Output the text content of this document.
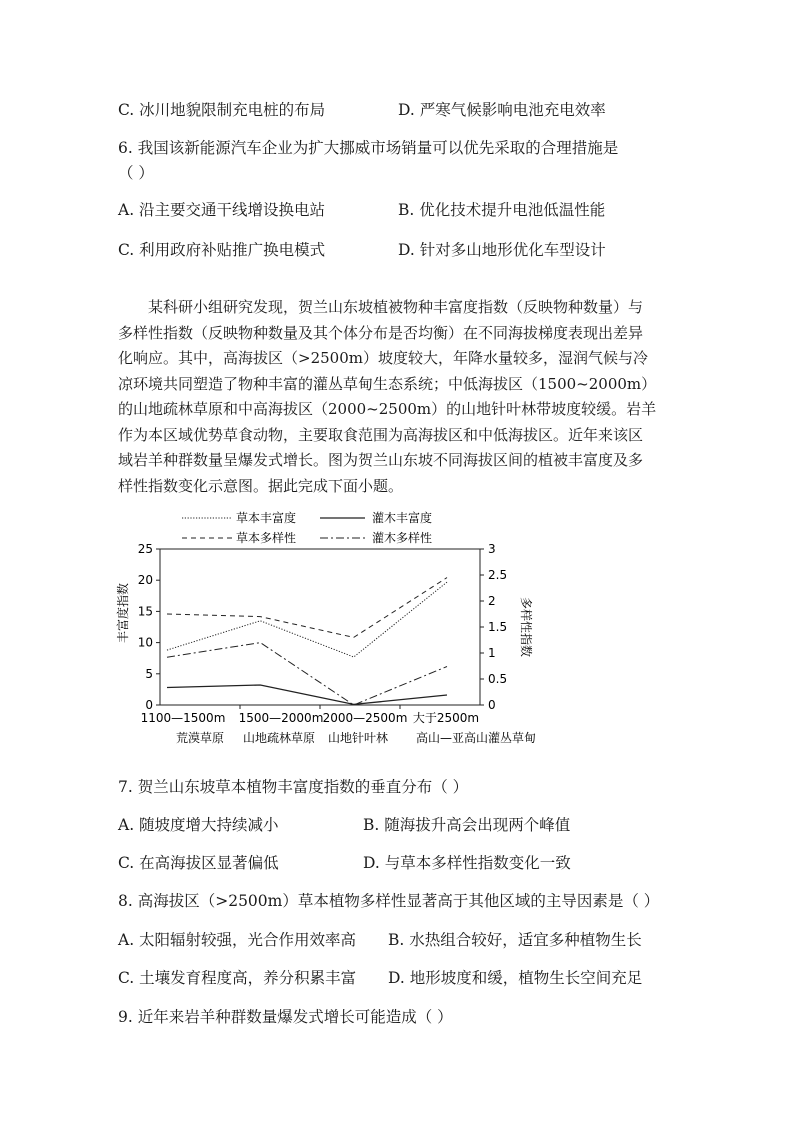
C. 冰川地貌限制充电桩的布局	D. 严寒气候影响电池充电效率
6. 我国该新能源汽车企业为扩大挪威市场销量可以优先采取的合理措施是
（ ）
A. 沿主要交通干线增设换电站	B. 优化技术提升电池低温性能
C. 利用政府补贴推广换电模式	D. 针对多山地形优化车型设计
某科研小组研究发现，贺兰山东坡植被物种丰富度指数（反映物种数量）与
多样性指数（反映物种数量及其个体分布是否均衡）在不同海拔梯度表现出差异
化响应。其中，高海拔区（>2500m）坡度较大，年降水量较多，湿润气候与冷
凉环境共同塑造了物种丰富的灌丛草甸生态系统；中低海拔区（1500~2000m）
的山地疏林草原和中高海拔区（2000~2500m）的山地针叶林带坡度较缓。岩羊
作为本区域优势草食动物，主要取食范围为高海拔区和中低海拔区。近年来该区
域岩羊种群数量呈爆发式增长。图为贺兰山东坡不同海拔区间的植被丰富度及多
样性指数变化示意图。据此完成下面小题。
草本丰富度	灌木丰富度
草本多样性	灌木多样性
丰富度指数	多样性指数
0
5
10
15
20
25
0
0.5
1
1.5
2
2.5
3
1100—1500m
荒漠草原
1500—2000m
山地疏林草原
2000—2500m
山地针叶林
大于2500m
高山—亚高山灌丛草甸
7. 贺兰山东坡草本植物丰富度指数的垂直分布（ ）
A. 随坡度增大持续减小	B. 随海拔升高会出现两个峰值
C. 在高海拔区显著偏低	D. 与草本多样性指数变化一致
8. 高海拔区（>2500m）草本植物多样性显著高于其他区域的主导因素是（ ）
A. 太阳辐射较强，光合作用效率高 B. 水热组合较好，适宜多种植物生长
C. 土壤发育程度高，养分积累丰富 D. 地形坡度和缓，植物生长空间充足
9. 近年来岩羊种群数量爆发式增长可能造成（ ）
